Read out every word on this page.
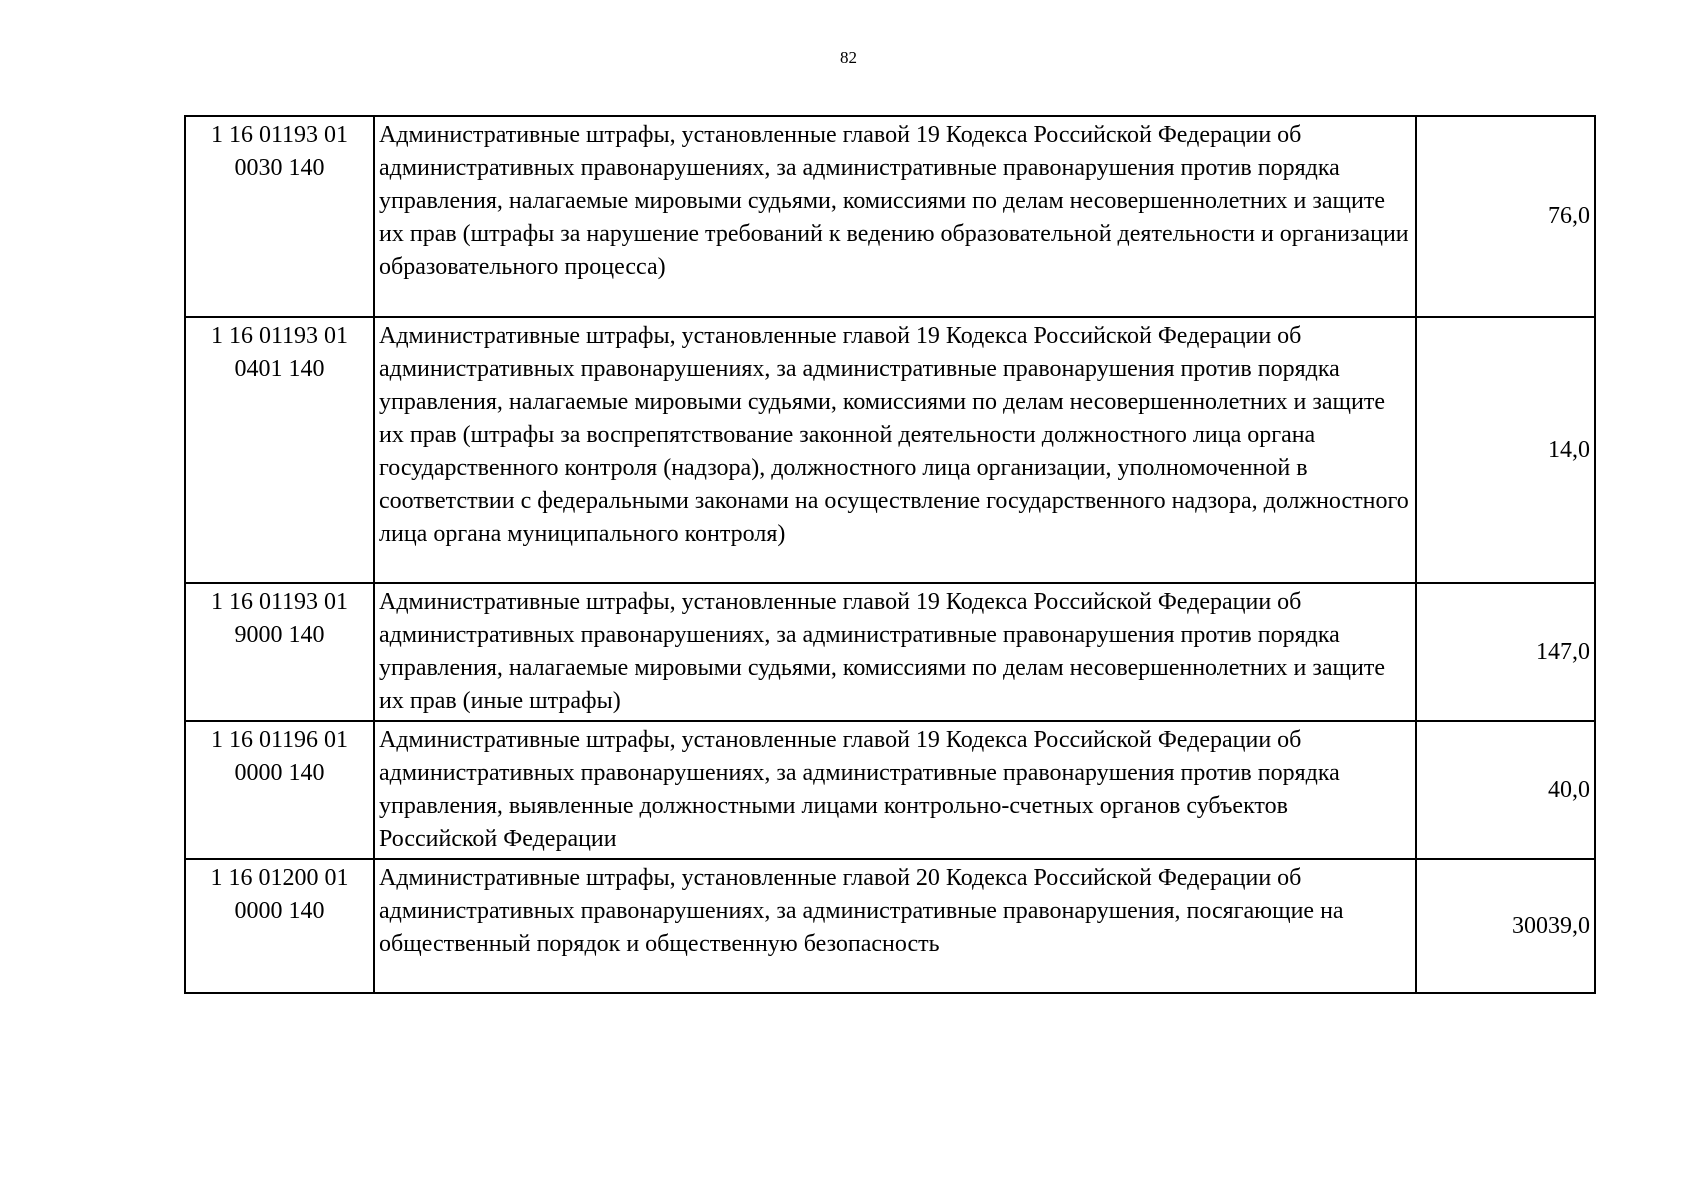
82
1 16 01193 01
0030 140	Административные штрафы, установленные главой 19 Кодекса Российской Федерации об административных правонарушениях, за административные правонарушения против порядка управления, налагаемые мировыми судьями, комиссиями по делам несовершеннолетних и защите их прав (штрафы за нарушение требований к ведению образовательной деятельности и организации образовательного процесса)	76,0

1 16 01193 01
0401 140	Административные штрафы, установленные главой 19 Кодекса Российской Федерации об административных правонарушениях, за административные правонарушения против порядка управления, налагаемые мировыми судьями, комиссиями по делам несовершеннолетних и защите их прав (штрафы за воспрепятствование законной деятельности должностного лица органа государственного контроля (надзора), должностного лица организации, уполномоченной в соответствии с федеральными законами на осуществление государственного надзора, должностного лица органа муниципального контроля)	14,0

1 16 01193 01
9000 140	Административные штрафы, установленные главой 19 Кодекса Российской Федерации об административных правонарушениях, за административные правонарушения против порядка управления, налагаемые мировыми судьями, комиссиями по делам несовершеннолетних и защите их прав (иные штрафы)	147,0

1 16 01196 01
0000 140	Административные штрафы, установленные главой 19 Кодекса Российской Федерации об административных правонарушениях, за административные правонарушения против порядка управления, выявленные должностными лицами контрольно-счетных органов субъектов Российской Федерации	40,0

1 16 01200 01
0000 140	Административные штрафы, установленные главой 20 Кодекса Российской Федерации об административных правонарушениях, за административные правонарушения, посягающие на общественный порядок и общественную безопасность	30039,0
